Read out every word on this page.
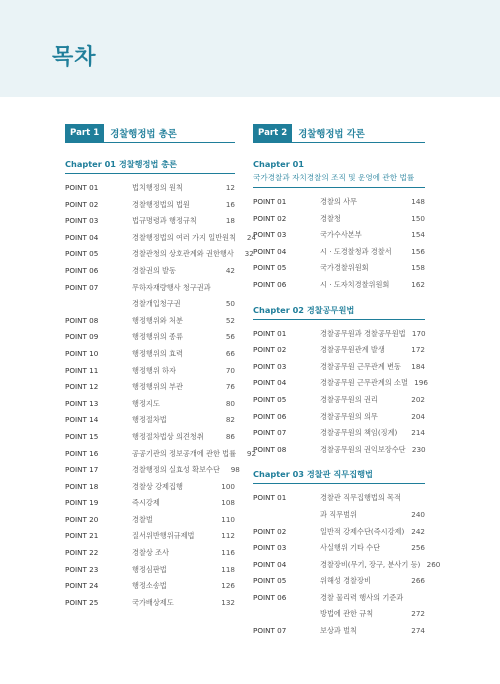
목차
Part 1	경찰행정법 총론
Chapter 01 경찰행정법 총론
POINT 01	법치행정의 원칙	12
POINT 02	경찰행정법의 법원	16
POINT 03	법규명령과 행정규칙	18
POINT 04	경찰행정법의 여러 가지 일반원칙	24
POINT 05	경찰관청의 상호관계와 권한행사	32
POINT 06	경찰권의 발동	42
POINT 07	무하자재량행사 청구권과 경찰개입청구권	50
POINT 08	행정행위와 처분	52
POINT 09	행정행위의 종류	56
POINT 10	행정행위의 효력	66
POINT 11	행정행위 하자	70
POINT 12	행정행위의 부관	76
POINT 13	행정지도	80
POINT 14	행정절차법	82
POINT 15	행정절차법상 의견청취	86
POINT 16	공공기관의 정보공개에 관한 법률	92
POINT 17	경찰행정의 실효성 확보수단	98
POINT 18	경찰상 강제집행	100
POINT 19	즉시강제	108
POINT 20	경찰벌	110
POINT 21	질서위반행위규제법	112
POINT 22	경찰상 조사	116
POINT 23	행정심판법	118
POINT 24	행정소송법	126
POINT 25	국가배상제도	132
Part 2	경찰행정법 각론
Chapter 01
국가경찰과 자치경찰의 조직 및 운영에 관한 법률
POINT 01	경찰의 사무	148
POINT 02	경찰청	150
POINT 03	국가수사본부	154
POINT 04	시 · 도경찰청과 경찰서	156
POINT 05	국가경찰위원회	158
POINT 06	시 · 도자치경찰위원회	162
Chapter 02 경찰공무원법
POINT 01	경찰공무원과 경찰공무원법 170
POINT 02	경찰공무원관계 발생	172
POINT 03	경찰공무원 근무관계 변동	184
POINT 04	경찰공무원 근무관계의 소멸 196
POINT 05	경찰공무원의 권리	202
POINT 06	경찰공무원의 의무	204
POINT 07	경찰공무원의 책임(징계)	214
POINT 08	경찰공무원의 권익보장수단 230
Chapter 03 경찰관 직무집행법
POINT 01	경찰관 직무집행법의 목적과 직무범위	240
POINT 02	일반적 강제수단(즉시강제) 242
POINT 03	사실행위 기타 수단	256
POINT 04	경찰장비(무기, 장구, 분사기 등) 260
POINT 05	위해성 경찰장비	266
POINT 06	경찰 물리력 행사의 기준과 방법에 관한 규칙	272
POINT 07	보상과 벌칙	274
